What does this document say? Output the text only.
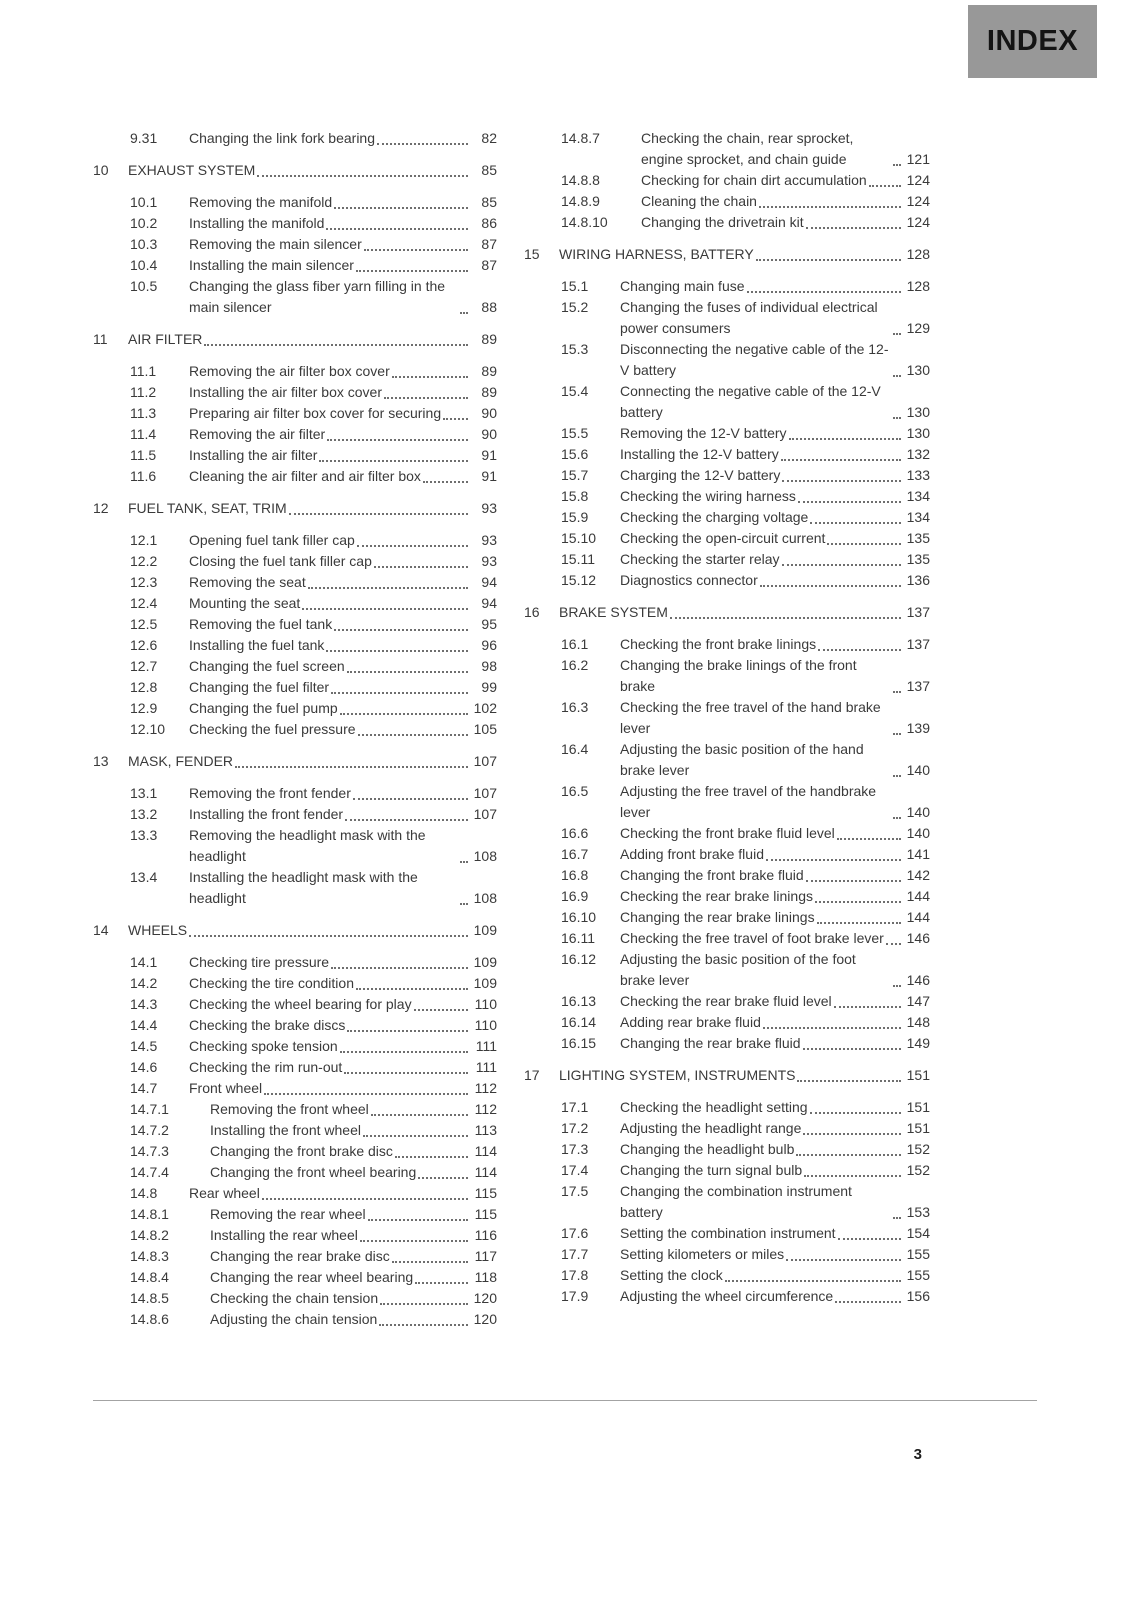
INDEX
9.31	Changing the link fork bearing	82
10	EXHAUST SYSTEM	85
10.1	Removing the manifold	85
10.2	Installing the manifold	86
10.3	Removing the main silencer	87
10.4	Installing the main silencer	87
10.5	Changing the glass fiber yarn filling in the main silencer	88
11	AIR FILTER	89
11.1	Removing the air filter box cover	89
11.2	Installing the air filter box cover	89
11.3	Preparing air filter box cover for securing	90
11.4	Removing the air filter	90
11.5	Installing the air filter	91
11.6	Cleaning the air filter and air filter box	91
12	FUEL TANK, SEAT, TRIM	93
12.1	Opening fuel tank filler cap	93
12.2	Closing the fuel tank filler cap	93
12.3	Removing the seat	94
12.4	Mounting the seat	94
12.5	Removing the fuel tank	95
12.6	Installing the fuel tank	96
12.7	Changing the fuel screen	98
12.8	Changing the fuel filter	99
12.9	Changing the fuel pump	102
12.10	Checking the fuel pressure	105
13	MASK, FENDER	107
13.1	Removing the front fender	107
13.2	Installing the front fender	107
13.3	Removing the headlight mask with the headlight	108
13.4	Installing the headlight mask with the headlight	108
14	WHEELS	109
14.1	Checking tire pressure	109
14.2	Checking the tire condition	109
14.3	Checking the wheel bearing for play	110
14.4	Checking the brake discs	110
14.5	Checking spoke tension	111
14.6	Checking the rim run-out	111
14.7	Front wheel	112
14.7.1	Removing the front wheel	112
14.7.2	Installing the front wheel	113
14.7.3	Changing the front brake disc	114
14.7.4	Changing the front wheel bearing	114
14.8	Rear wheel	115
14.8.1	Removing the rear wheel	115
14.8.2	Installing the rear wheel	116
14.8.3	Changing the rear brake disc	117
14.8.4	Changing the rear wheel bearing	118
14.8.5	Checking the chain tension	120
14.8.6	Adjusting the chain tension	120
14.8.7	Checking the chain, rear sprocket, engine sprocket, and chain guide	121
14.8.8	Checking for chain dirt accumulation	124
14.8.9	Cleaning the chain	124
14.8.10	Changing the drivetrain kit	124
15	WIRING HARNESS, BATTERY	128
15.1	Changing main fuse	128
15.2	Changing the fuses of individual electrical power consumers	129
15.3	Disconnecting the negative cable of the 12-V battery	130
15.4	Connecting the negative cable of the 12-V battery	130
15.5	Removing the 12-V battery	130
15.6	Installing the 12-V battery	132
15.7	Charging the 12-V battery	133
15.8	Checking the wiring harness	134
15.9	Checking the charging voltage	134
15.10	Checking the open-circuit current	135
15.11	Checking the starter relay	135
15.12	Diagnostics connector	136
16	BRAKE SYSTEM	137
16.1	Checking the front brake linings	137
16.2	Changing the brake linings of the front brake	137
16.3	Checking the free travel of the hand brake lever	139
16.4	Adjusting the basic position of the hand brake lever	140
16.5	Adjusting the free travel of the handbrake lever	140
16.6	Checking the front brake fluid level	140
16.7	Adding front brake fluid	141
16.8	Changing the front brake fluid	142
16.9	Checking the rear brake linings	144
16.10	Changing the rear brake linings	144
16.11	Checking the free travel of foot brake lever 146
16.12	Adjusting the basic position of the foot brake lever	146
16.13	Checking the rear brake fluid level	147
16.14	Adding rear brake fluid	148
16.15	Changing the rear brake fluid	149
17	LIGHTING SYSTEM, INSTRUMENTS	151
17.1	Checking the headlight setting	151
17.2	Adjusting the headlight range	151
17.3	Changing the headlight bulb	152
17.4	Changing the turn signal bulb	152
17.5	Changing the combination instrument battery	153
17.6	Setting the combination instrument	154
17.7	Setting kilometers or miles	155
17.8	Setting the clock	155
17.9	Adjusting the wheel circumference	156
3
